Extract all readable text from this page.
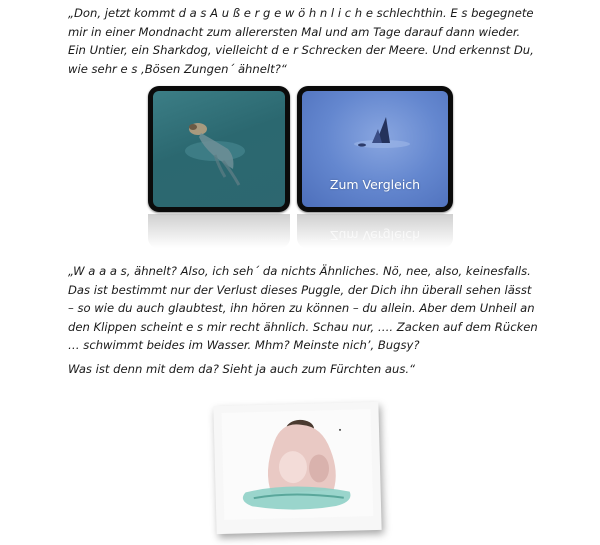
„Don, jetzt kommt d a s A u ß e r g e w ö h n l i c h e schlechthin. E s begegnete mir in einer Mondnacht zum allerersten Mal und am Tage darauf dann wieder. Ein Untier, ein Sharkdog, vielleicht d e r Schrecken der Meere. Und erkennst Du, wie sehr e s ‚Bösen Zungen´ ähnelt?“

Zum Vergleich
Zum Vergleich

„W a a a s, ähnelt? Also, ich seh´ da nichts Ähnliches. Nö, nee, also, keinesfalls. Das ist bestimmt nur der Verlust dieses Puggle, der Dich ihn überall sehen lässt – so wie du auch glaubtest, ihn hören zu können – du allein. Aber dem Unheil an den Klippen scheint e s mir recht ähnlich. Schau nur, …. Zacken auf dem Rücken … schwimmt beides im Wasser. Mhm? Meinste nich’, Bugsy?

Was ist denn mit dem da? Sieht ja auch zum Fürchten aus.“
